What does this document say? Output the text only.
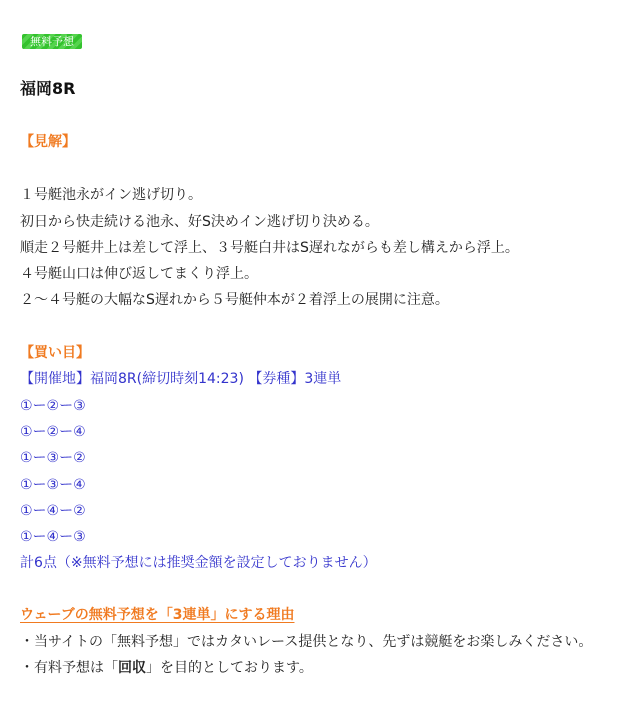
無料予想
福岡8R
【見解】
１号艇池永がイン逃げ切り。
初日から快走続ける池永、好S決めイン逃げ切り決める。
順走２号艇井上は差して浮上、３号艇白井はS遅れながらも差し構えから浮上。
４号艇山口は伸び返してまくり浮上。
２～４号艇の大幅なS遅れから５号艇仲本が２着浮上の展開に注意。
【買い目】
【開催地】福岡8R(締切時刻14:23) 【券種】3連単
①ー②ー③
①ー②ー④
①ー③ー②
①ー③ー④
①ー④ー②
①ー④ー③
計6点（※無料予想には推奨金額を設定しておりません）
ウェーブの無料予想を「3連単」にする理由
・当サイトの「無料予想」ではカタいレース提供となり、先ずは競艇をお楽しみください。
・有料予想は「回収」を目的としております。
